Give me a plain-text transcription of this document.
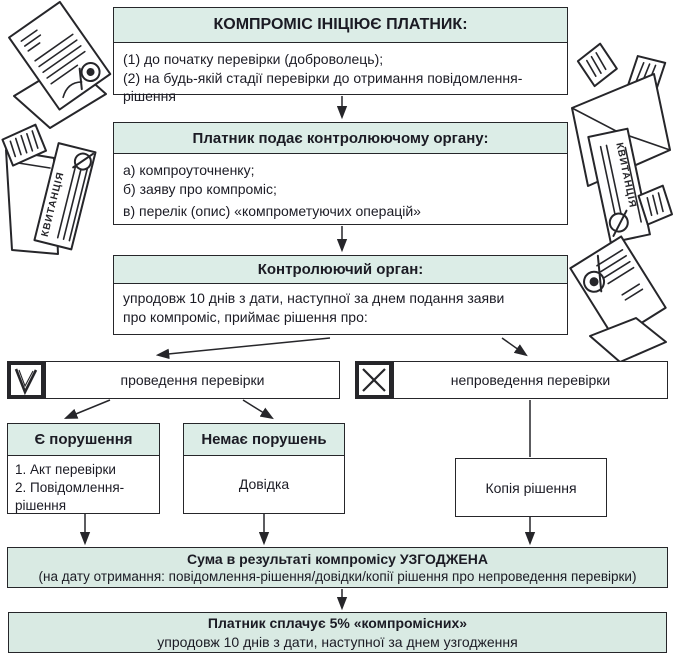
КВИТАНЦІЯ	КВИТАНЦІЯ
КОМПРОМІС ІНІЦІЮЄ ПЛАТНИК:
(1) до початку перевірки (доброволець);
(2) на будь-якій стадії перевірки до отримання повідомлення-рішення
Платник подає контролюючому органу:
а) компроуточненку;
б) заяву про компроміс;
в) перелік (опис) «компрометуючих операцій»
Контролюючий орган:
упродовж 10 днів з дати, наступної за днем подання заяви
про компроміс, приймає рішення про:
проведення перевірки	непроведення перевірки
Є порушення
1. Акт перевірки
2. Повідомлення-рішення
Немає порушень
Довідка	Копія рішення
Сума в результаті компромісу УЗГОДЖЕНА
(на дату отримання: повідомлення-рішення/довідки/копії рішення про непроведення перевірки)
Платник сплачує 5% «компромісних»
упродовж 10 днів з дати, наступної за днем узгодження
